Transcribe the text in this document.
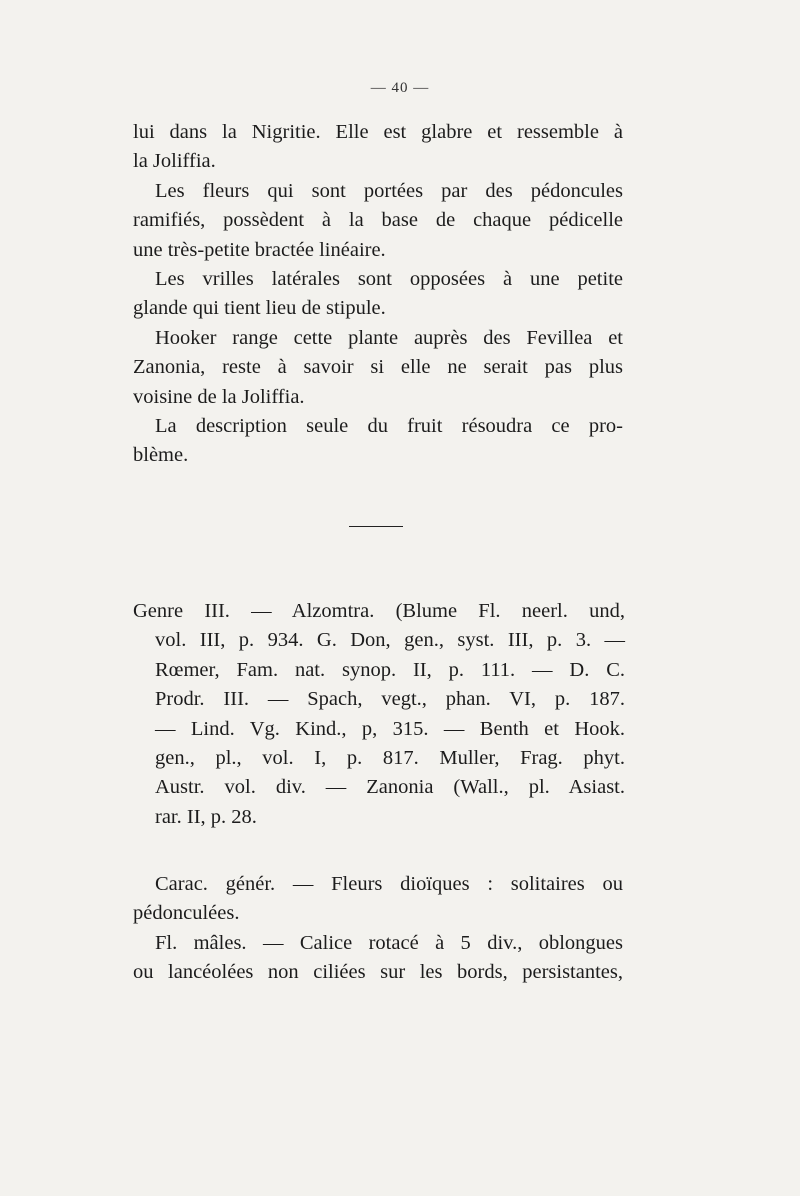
— 40 —
lui dans la Nigritie. Elle est glabre et ressemble à
la Joliffia.
Les fleurs qui sont portées par des pédoncules
ramifiés, possèdent à la base de chaque pédicelle
une très-petite bractée linéaire.
Les vrilles latérales sont opposées à une petite
glande qui tient lieu de stipule.
Hooker range cette plante auprès des Fevillea et
Zanonia, reste à savoir si elle ne serait pas plus
voisine de la Joliffia.
La description seule du fruit résoudra ce pro-
blème.
Genre III. — Alzomtra. (Blume Fl. neerl. und,
vol. III, p. 934. G. Don, gen., syst. III, p. 3. —
Rœmer, Fam. nat. synop. II, p. 111. — D. C.
Prodr. III. — Spach, vegt., phan. VI, p. 187.
— Lind. Vg. Kind., p, 315. — Benth et Hook.
gen., pl., vol. I, p. 817. Muller, Frag. phyt.
Austr. vol. div. — Zanonia (Wall., pl. Asiast.
rar. II, p. 28.
Carac. génér. — Fleurs dioïques : solitaires ou
pédonculées.
Fl. mâles. — Calice rotacé à 5 div., oblongues
ou lancéolées non ciliées sur les bords, persistantes,
